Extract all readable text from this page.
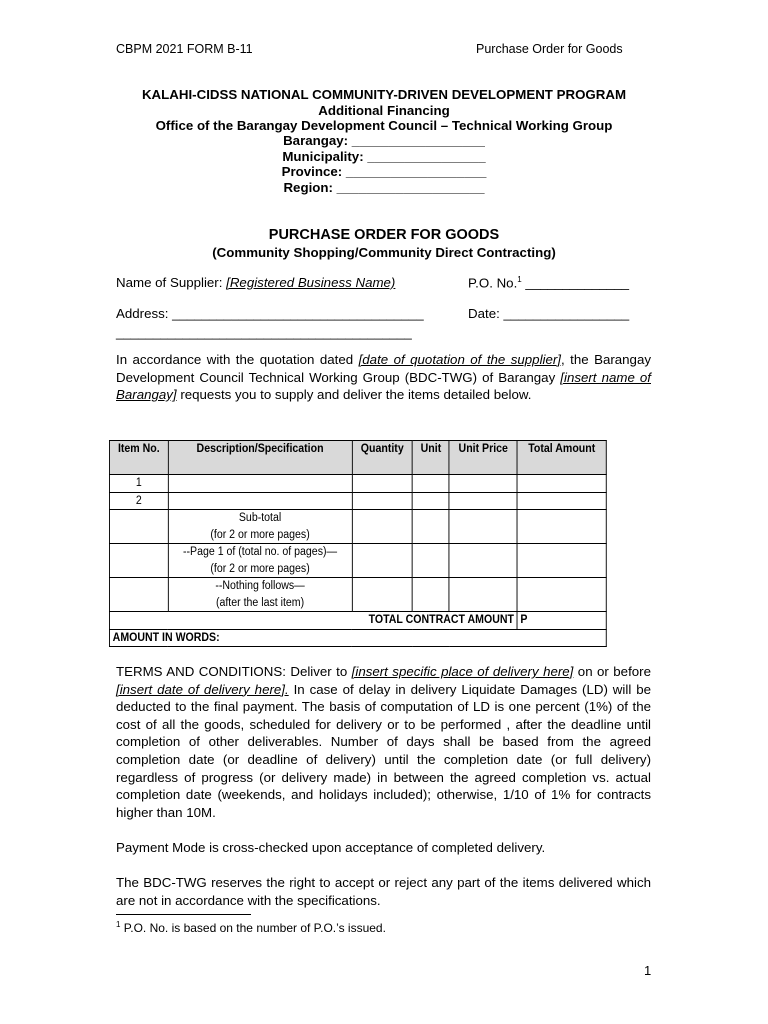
CBPM 2021 FORM B-11	Purchase Order for Goods
KALAHI-CIDSS NATIONAL COMMUNITY-DRIVEN DEVELOPMENT PROGRAM
Additional Financing
Office of the Barangay Development Council – Technical Working Group
Barangay: __________________
Municipality: ________________
Province: ___________________
Region: ____________________
PURCHASE ORDER FOR GOODS
(Community Shopping/Community Direct Contracting)
Name of Supplier: [Registered Business Name)	P.O. No.$^1$ ______________
Address: __________________________________
________________________________________
Date: _________________
In accordance with the quotation dated [date of quotation of the supplier], the Barangay Development Council Technical Working Group (BDC-TWG) of Barangay [insert name of Barangay] requests you to supply and deliver the items detailed below.
Item No.	Description/Specification	Quantity	Unit	Unit Price	Total Amount
1					
2					

	Sub-total
(for 2 or more pages)				

	--Page 1 of (total no. of pages)—
(for 2 or more pages)				

	--Nothing follows—
(after the last item)				

TOTAL CONTRACT AMOUNT					P
AMOUNT IN WORDS:					
TERMS AND CONDITIONS: Deliver to [insert specific place of delivery here] on or before [insert date of delivery here]. In case of delay in delivery Liquidate Damages (LD) will be deducted to the final payment. The basis of computation of LD is one percent (1%) of the cost of all the goods, scheduled for delivery or to be performed , after the deadline until completion of other deliverables. Number of days shall be based from the agreed completion date (or deadline of delivery) until the completion date (or full delivery) regardless of progress (or delivery made) in between the agreed completion vs. actual completion date (weekends, and holidays included); otherwise, 1/10 of 1% for contracts higher than 10M.
Payment Mode is cross-checked upon acceptance of completed delivery.
The BDC-TWG reserves the right to accept or reject any part of the items delivered which are not in accordance with the specifications.
$^1$ P.O. No. is based on the number of P.O.’s issued.
1
